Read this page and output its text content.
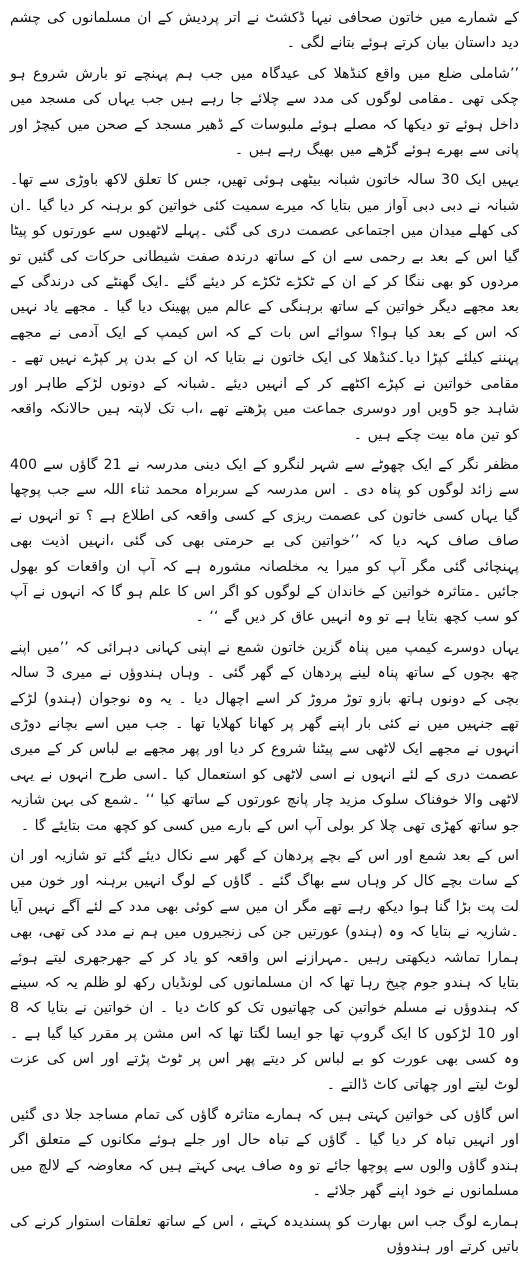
کے شمارے میں خاتون صحافی نیہا ڈکشٹ نے اتر پردیش کے ان مسلمانوں کی چشم دید داستان بیان کرتے ہوئے بتانے لگی ۔

’’شاملی ضلع میں واقع کنڈھلا کی عیدگاہ میں جب ہم پہنچے تو بارش شروع ہو چکی تھی ۔مقامی لوگوں کی مدد سے چلائے جا رہے ہیں جب یہاں کی مسجد میں داخل ہوئے تو دیکھا کہ مصلے ہوئے ملبوسات کے ڈھیر مسجد کے صحن میں کیچڑ اور پانی سے بھرے ہوئے گڑھے میں بھیگ رہے ہیں ۔

یہیں ایک 30 سالہ خاتون شبانہ بیٹھی ہوئی تھیں، جس کا تعلق لاکھ باوڑی سے تھا۔شبانہ نے دبی دبی آواز میں بتایا کہ میرے سمیت کئی خواتین کو برہنہ کر دیا گیا ۔ان کی کھلے میدان میں اجتماعی عصمت دری کی گئی ۔پہلے لاٹھیوں سے عورتوں کو پیٹا گیا اس کے بعد بے رحمی سے ان کے ساتھ درندہ صفت شیطانی حرکات کی گئیں تو مردوں کو بھی ننگا کر کے ان کے ٹکڑے ٹکڑے کر دیئے گئے ۔ایک گھنٹے کی درندگی کے بعد مجھے دیگر خواتین کے ساتھ برہنگی کے عالم میں پھینک دیا گیا ۔ مجھے یاد نہیں کہ اس کے بعد کیا ہوا؟ سوائے اس بات کے کہ اس کیمپ کے ایک آدمی نے مجھے پہننے کیلئے کپڑا دیا۔کنڈھلا کی ایک خاتون نے بتایا کہ ان کے بدن پر کپڑے نہیں تھے ۔ مقامی خواتین نے کپڑے اکٹھے کر کے انہیں دیئے ۔شبانہ کے دونوں لڑکے طاہر اور شاہد جو 5ویں اور دوسری جماعت میں پڑھتے تھے ،اب تک لاپتہ ہیں حالانکہ واقعہ کو تین ماہ بیت چکے ہیں ۔

مظفر نگر کے ایک چھوٹے سے شہر لنگرو کے ایک دینی مدرسہ نے 21 گاؤں سے 400 سے زائد لوگوں کو پناہ دی ۔ اس مدرسہ کے سربراہ محمد ثناء اللہ سے جب پوچھا گیا یہاں کسی خاتون کی عصمت ریزی کے کسی واقعہ کی اطلاع ہے ؟ تو انہوں نے صاف صاف کہہ دیا کہ ’’خواتین کی بے حرمتی بھی کی گئی ،انہیں اذیت بھی پہنچائی گئی مگر آپ کو میرا یہ مخلصانہ مشورہ ہے کہ آپ ان واقعات کو بھول جائیں ۔متاثرہ خواتین کے خاندان کے لوگوں کو اگر اس کا علم ہو گا کہ انہوں نے آپ کو سب کچھ بتایا ہے تو وہ انہیں عاق کر دیں گے ‘‘ ۔

یہاں دوسرے کیمپ میں پناہ گزین خاتون شمع نے اپنی کہانی دہرائی کہ ’’میں اپنے چھ بچوں کے ساتھ پناہ لینے پردھان کے گھر گئی ۔ وہاں ہندوؤں نے میری 3 سالہ بچی کے دونوں ہاتھ بازو توڑ مروڑ کر اسے اچھال دیا ۔ یہ وہ نوجوان (ہندو) لڑکے تھے جنہیں میں نے کئی بار اپنے گھر پر کھانا کھلایا تھا ۔ جب میں اسے بچانے دوڑی انہوں نے مجھے ایک لاٹھی سے پیٹنا شروع کر دیا اور پھر مجھے بے لباس کر کے میری عصمت دری کے لئے انہوں نے اسی لاٹھی کو استعمال کیا ۔اسی طرح انہوں نے یہی لاٹھی والا خوفناک سلوک مزید چار پانچ عورتوں کے ساتھ کیا ‘‘ ۔شمع کی بہن شازیہ جو ساتھ کھڑی تھی چلا کر بولی آپ اس کے بارے میں کسی کو کچھ مت بتایئے گا ۔

اس کے بعد شمع اور اس کے بچے پردھان کے گھر سے نکال دیئے گئے تو شازیہ اور ان کے سات بچے کال کر وہاں سے بھاگ گئے ۔ گاؤں کے لوگ انہیں برہنہ اور خون میں لت پت بڑا گنا ہوا دیکھ رہے تھے مگر ان میں سے کوئی بھی مدد کے لئے آگے نہیں آیا ۔شازیہ نے بتایا کہ وہ (ہندو) عورتیں جن کی زنجیروں میں ہم نے مدد کی تھی، بھی ہمارا تماشہ دیکھتی رہیں ۔مہرازنے اس واقعہ کو یاد کر کے جھرجھری لیتے ہوئے بتایا کہ ہندو جوم چیخ رہا تھا کہ ان مسلمانوں کی لونڈیاں رکھ لو ظلم یہ کہ سینے کہ ہندوؤں نے مسلم خواتین کی چھاتیوں تک کو کاٹ دیا ۔ ان خواتین نے بتایا کہ 8 اور 10 لڑکوں کا ایک گروپ تھا جو ایسا لگتا تھا کہ اس مشن پر مقرر کیا گیا ہے ۔ وہ کسی بھی عورت کو بے لباس کر دیتے پھر اس پر ٹوٹ پڑتے اور اس کی عزت لوٹ لیتے اور چھاتی کاٹ ڈالتے ۔

اس گاؤں کی خواتین کہتی ہیں کہ ہمارے متاثرہ گاؤں کی تمام مساجد جلا دی گئیں اور انہیں تباہ کر دیا گیا ۔ گاؤں کے تباہ حال اور جلے ہوئے مکانوں کے متعلق اگر ہندو گاؤں والوں سے پوچھا جائے تو وہ صاف یہی کہتے ہیں کہ معاوضہ کے لالچ میں مسلمانوں نے خود اپنے گھر جلائے ۔

ہمارے لوگ جب اس بھارت کو پسندیدہ کہتے ، اس کے ساتھ تعلقات استوار کرنے کی باتیں کرتے اور ہندوؤں
